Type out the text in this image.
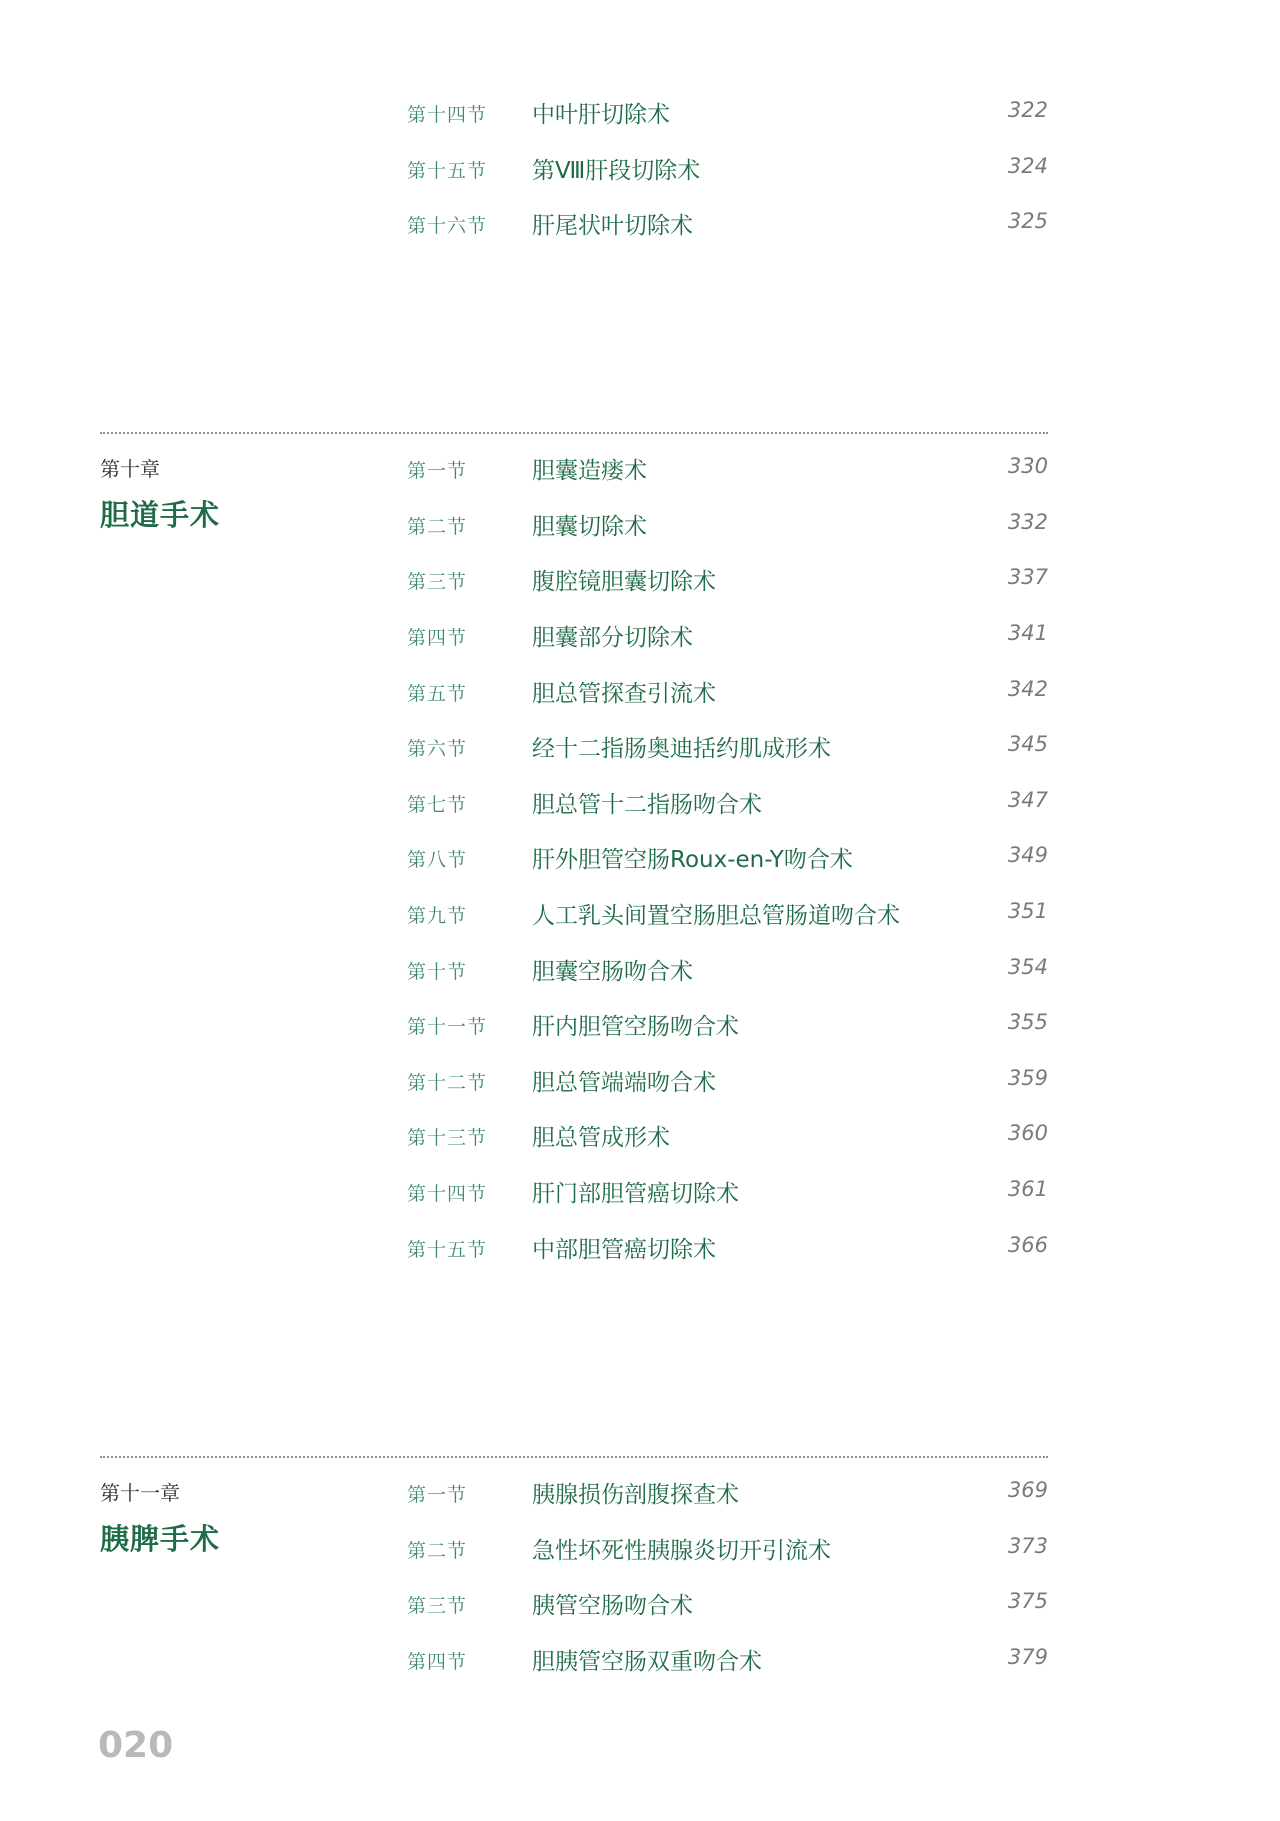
第十四节 中叶肝切除术	322
第十五节 第Ⅷ肝段切除术	324
第十六节 肝尾状叶切除术	325
第十章
胆道手术
第一节	胆囊造瘘术	330
第二节	胆囊切除术	332
第三节	腹腔镜胆囊切除术	337
第四节	胆囊部分切除术	341
第五节	胆总管探查引流术	342
第六节	经十二指肠奥迪括约肌成形术	345
第七节	胆总管十二指肠吻合术	347
第八节	肝外胆管空肠Roux-en-Y吻合术	349
第九节	人工乳头间置空肠胆总管肠道吻合术	351
第十节	胆囊空肠吻合术	354
第十一节 肝内胆管空肠吻合术	355
第十二节 胆总管端端吻合术	359
第十三节 胆总管成形术	360
第十四节 肝门部胆管癌切除术	361
第十五节 中部胆管癌切除术	366
第十一章
胰脾手术
第一节	胰腺损伤剖腹探查术	369
第二节	急性坏死性胰腺炎切开引流术	373
第三节	胰管空肠吻合术	375
第四节	胆胰管空肠双重吻合术	379
020
